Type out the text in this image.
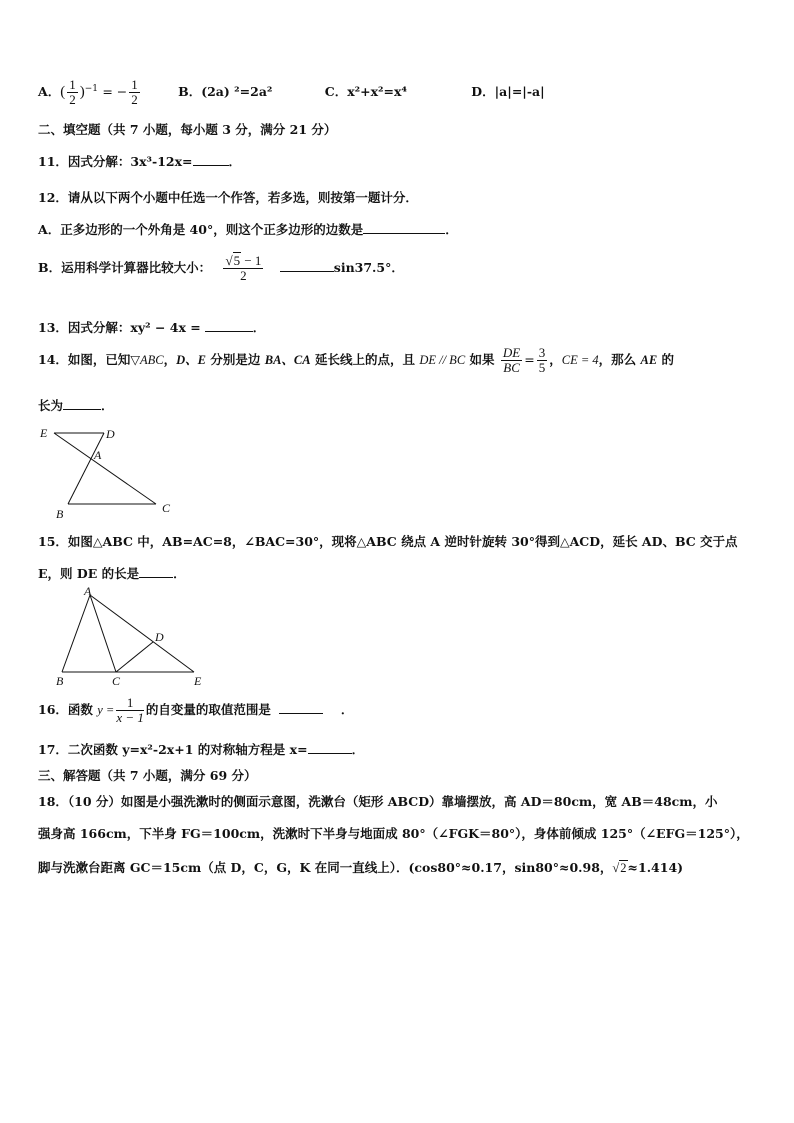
A．( $\frac{1}{2} )^{-1}$ = − $\frac{1}{2}$	B．(2a) ²=2a²	C．x²+x²=x⁴	D．|a|=|-a|
二、填空题（共 7 小题，每小题 3 分，满分 21 分）
11．因式分解：3x³-12x=	．
12．请从以下两个小题中任选一个作答，若多选，则按第一题计分．
A．正多边形的一个外角是 40°，则这个正多边形的边数是	．
B．运用科学计算器比较大小： $\frac{√5 - 1}{2}$	sin37.5°．
13．因式分解：xy² − 4x =	．
14．如图，已知▽ABC，D、E 分别是边 BA、CA 延长线上的点，且 DE // BC 如果 $\frac{DE}{BC} = \frac{3}{5}$ ，CE = 4，那么 AE 的
长为	．
E	D
A
B	C
15．如图△ABC 中，AB=AC=8，∠BAC=30°，现将△ABC 绕点 A 逆时针旋转 30°得到△ACD，延长 AD、BC 交于点
E，则 DE 的长是	．
A
B	C
D
E
16．函数 $y = \frac{1}{x - 1}$ 的自变量的取值范围是	．
17．二次函数 y=x²-2x+1 的对称轴方程是 x=	．
三、解答题（共 7 小题，满分 69 分）
18．（10 分）如图是小强洗漱时的侧面示意图，洗漱台（矩形 ABCD）靠墙摆放，高 AD＝80cm，宽 AB＝48cm，小
强身高 166cm，下半身 FG＝100cm，洗漱时下半身与地面成 80°（∠FGK＝80°），身体前倾成 125°（∠EFG＝125°），
脚与洗漱台距离 GC＝15cm（点 D，C，G，K 在同一直线上）．(cos80°≈0.17，sin80°≈0.98，√2≈1.414)
